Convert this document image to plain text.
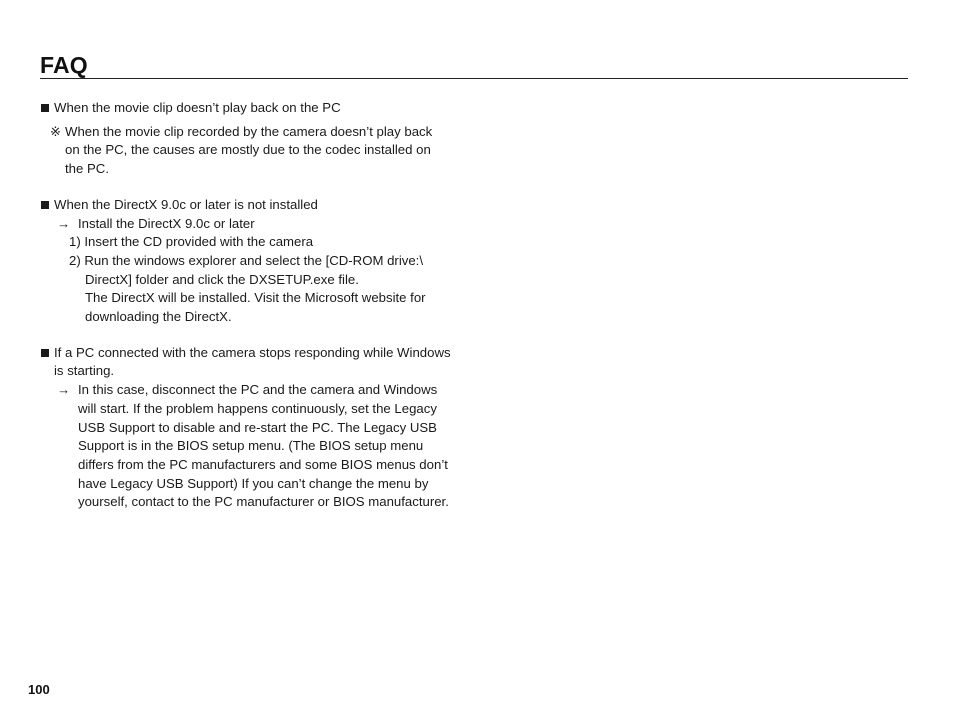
FAQ
When the movie clip doesn’t play back on the PC
※ When the movie clip recorded by the camera doesn’t play back
on the PC, the causes are mostly due to the codec installed on
the PC.
When the DirectX 9.0c or later is not installed
→ Install the DirectX 9.0c or later
1) Insert the CD provided with the camera
2) Run the windows explorer and select the [CD-ROM drive:\
DirectX] folder and click the DXSETUP.exe file.
The DirectX will be installed. Visit the Microsoft website for
downloading the DirectX.
If a PC connected with the camera stops responding while Windows
is starting.
→ In this case, disconnect the PC and the camera and Windows
will start. If the problem happens continuously, set the Legacy
USB Support to disable and re-start the PC. The Legacy USB
Support is in the BIOS setup menu. (The BIOS setup menu
differs from the PC manufacturers and some BIOS menus don’t
have Legacy USB Support) If you can’t change the menu by
yourself, contact to the PC manufacturer or BIOS manufacturer.
100
